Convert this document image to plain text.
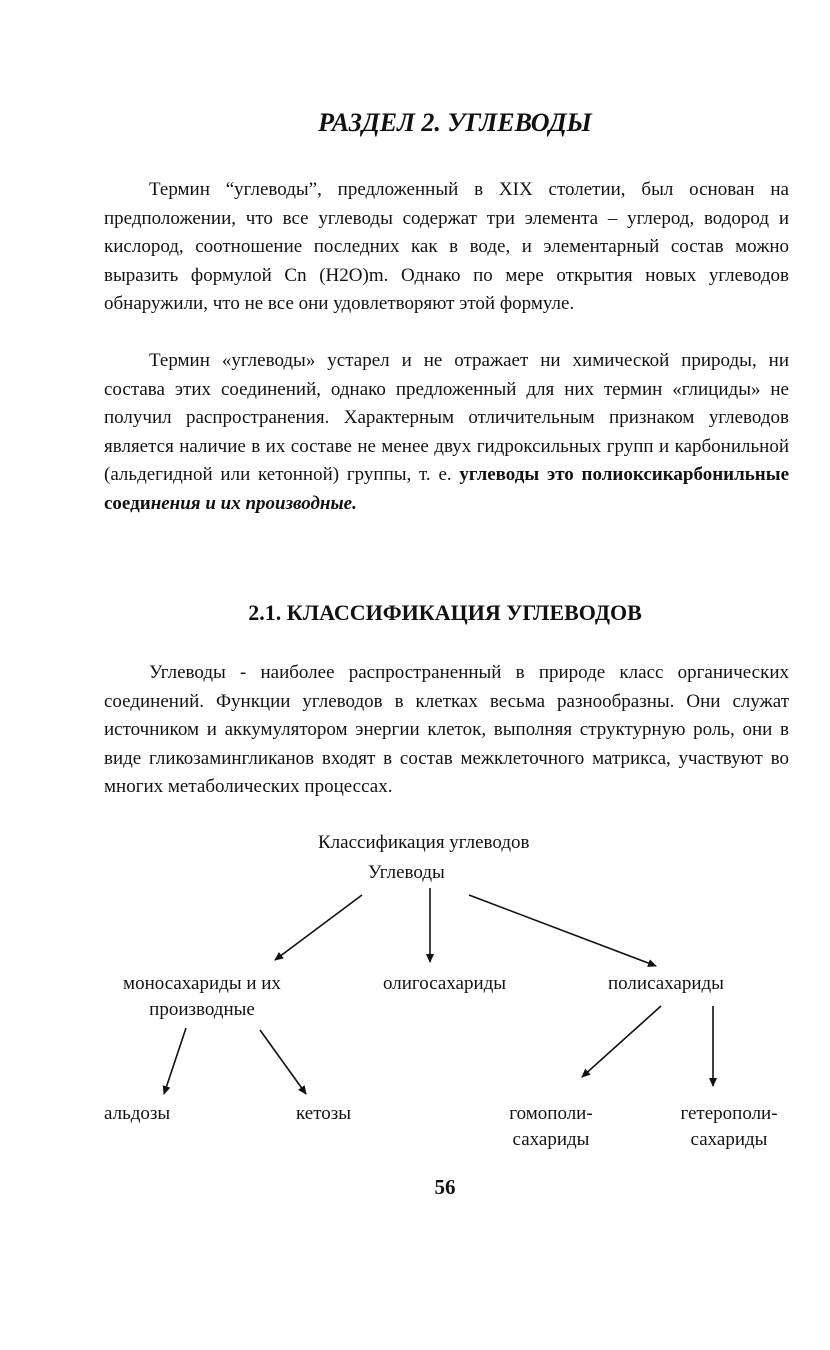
РАЗДЕЛ 2. УГЛЕВОДЫ

Термин “углеводы”, предложенный в XIX столетии, был основан на предположении, что все углеводы содержат три элемента – углерод, водород и кислород, соотношение последних как в воде, и элементарный состав можно выразить формулой Cn (H2O)m. Однако по мере открытия новых углеводов обнаружили, что не все они удовлетворяют этой формуле.

Термин «углеводы» устарел и не отражает ни химической природы, ни состава этих соединений, однако предложенный для них термин «глициды» не получил распространения. Характерным отличительным признаком углеводов является наличие в их составе не менее двух гидроксильных групп и карбонильной (альдегидной или кетонной) группы, т. е. углеводы это полиоксикарбонильные соединения и их производные.

2.1. КЛАССИФИКАЦИЯ УГЛЕВОДОВ

Углеводы - наиболее распространенный в природе класс органических соединений. Функции углеводов в клетках весьма разнообразны. Они служат источником и аккумулятором энергии клеток, выполняя структурную роль, они в виде гликозамингликанов входят в состав межклеточного матрикса, участвуют во многих метаболических процессах.

Классификация углеводов
Углеводы
моносахариды и их
производные
олигосахариды	полисахариды
альдозы	кетозы	гомополи-
сахариды
гетерополи-
сахариды
56
